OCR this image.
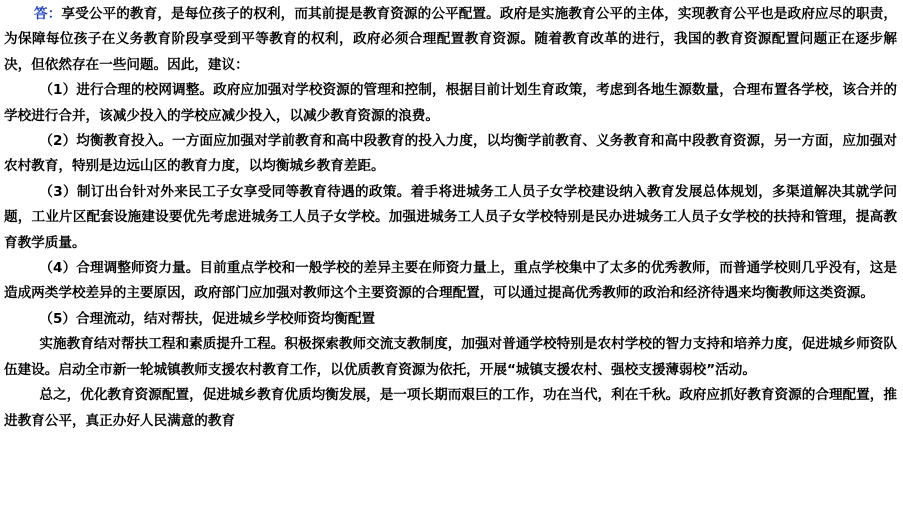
答：享受公平的教育，是每位孩子的权利，而其前提是教育资源的公平配置。政府是实施教育公平的主体，实现教育公平也是政府应尽的职责，为保障每位孩子在义务教育阶段享受到平等教育的权利，政府必须合理配置教育资源。随着教育改革的进行，我国的教育资源配置问题正在逐步解决，但依然存在一些问题。因此，建议：

（1）进行合理的校网调整。政府应加强对学校资源的管理和控制，根据目前计划生育政策，考虑到各地生源数量，合理布置各学校，该合并的学校进行合并，该减少投入的学校应减少投入，以减少教育资源的浪费。

（2）均衡教育投入。一方面应加强对学前教育和高中段教育的投入力度，以均衡学前教育、义务教育和高中段教育资源，另一方面，应加强对农村教育，特别是边远山区的教育力度，以均衡城乡教育差距。

（3）制订出台针对外来民工子女享受同等教育待遇的政策。着手将进城务工人员子女学校建设纳入教育发展总体规划，多渠道解决其就学问题，工业片区配套设施建设要优先考虑进城务工人员子女学校。加强进城务工人员子女学校特别是民办进城务工人员子女学校的扶持和管理，提高教育教学质量。

（4）合理调整师资力量。目前重点学校和一般学校的差异主要在师资力量上，重点学校集中了太多的优秀教师，而普通学校则几乎没有，这是造成两类学校差异的主要原因，政府部门应加强对教师这个主要资源的合理配置，可以通过提高优秀教师的政治和经济待遇来均衡教师这类资源。

（5）合理流动，结对帮扶，促进城乡学校师资均衡配置

实施教育结对帮扶工程和素质提升工程。积极探索教师交流支教制度，加强对普通学校特别是农村学校的智力支持和培养力度，促进城乡师资队伍建设。启动全市新一轮城镇教师支援农村教育工作，以优质教育资源为依托，开展“城镇支援农村、强校支援薄弱校”活动。

总之，优化教育资源配置，促进城乡教育优质均衡发展，是一项长期而艰巨的工作，功在当代，利在千秋。政府应抓好教育资源的合理配置，推进教育公平，真正办好人民满意的教育
